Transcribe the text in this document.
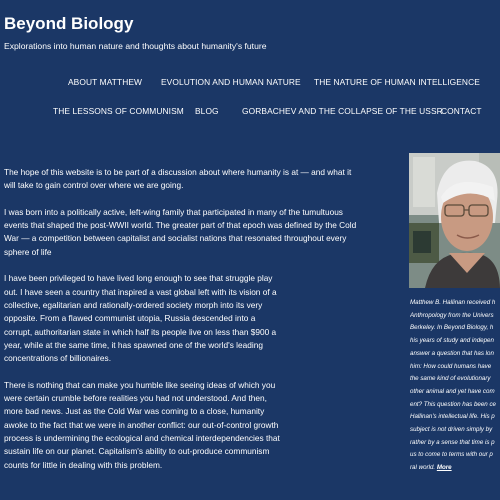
Beyond Biology
Explorations into human nature and thoughts about humanity's future
ABOUT MATTHEW EVOLUTION AND HUMAN NATURE THE NATURE OF HUMAN INTELLIGENCE
THE LESSONS OF COMMUNISM BLOG	GORBACHEV AND THE COLLAPSE OF THE USSR
CONTACT

The hope of this website is to be part of a discussion about where humanity is at — and what it
will take to gain control over where we are going.

I was born into a politically active, left-wing family that participated in many of the tumultuous
events that shaped the post-WWII world. The greater part of that epoch was defined by the Cold
War — a competition between capitalist and socialist nations that resonated throughout every
sphere of life

I have been privileged to have lived long enough to see that struggle play
out. I have seen a country that inspired a vast global left with its vision of a
collective, egalitarian and rationally-ordered society morph into its very
opposite. From a flawed communist utopia, Russia descended into a
corrupt, authoritarian state in which half its people live on less than $900 a
year, while at the same time, it has spawned one of the world's leading
concentrations of billionaires.

There is nothing that can make you humble like seeing ideas of which you
were certain crumble before realities you had not understood. And then,
more bad news. Just as the Cold War was coming to a close, humanity
awoke to the fact that we were in another conflict: our out-of-control growth
process is undermining the ecological and chemical interdependencies that
sustain life on our planet. Capitalism's ability to out-produce communism
counts for little in dealing with this problem.

Matthew B. Hallinan received h
Anthropology from the Univers
Berkeley. In Beyond Biology, h
his years of study and indepen
answer a question that has lon
him: How could humans have
the same kind of evolutionary
other animal and yet have com
ent? This question has been ce
Hallinan's intellectual life. His p
subject is not driven simply by
rather by a sense that time is p
us to come to terms with our p
ral world. More
